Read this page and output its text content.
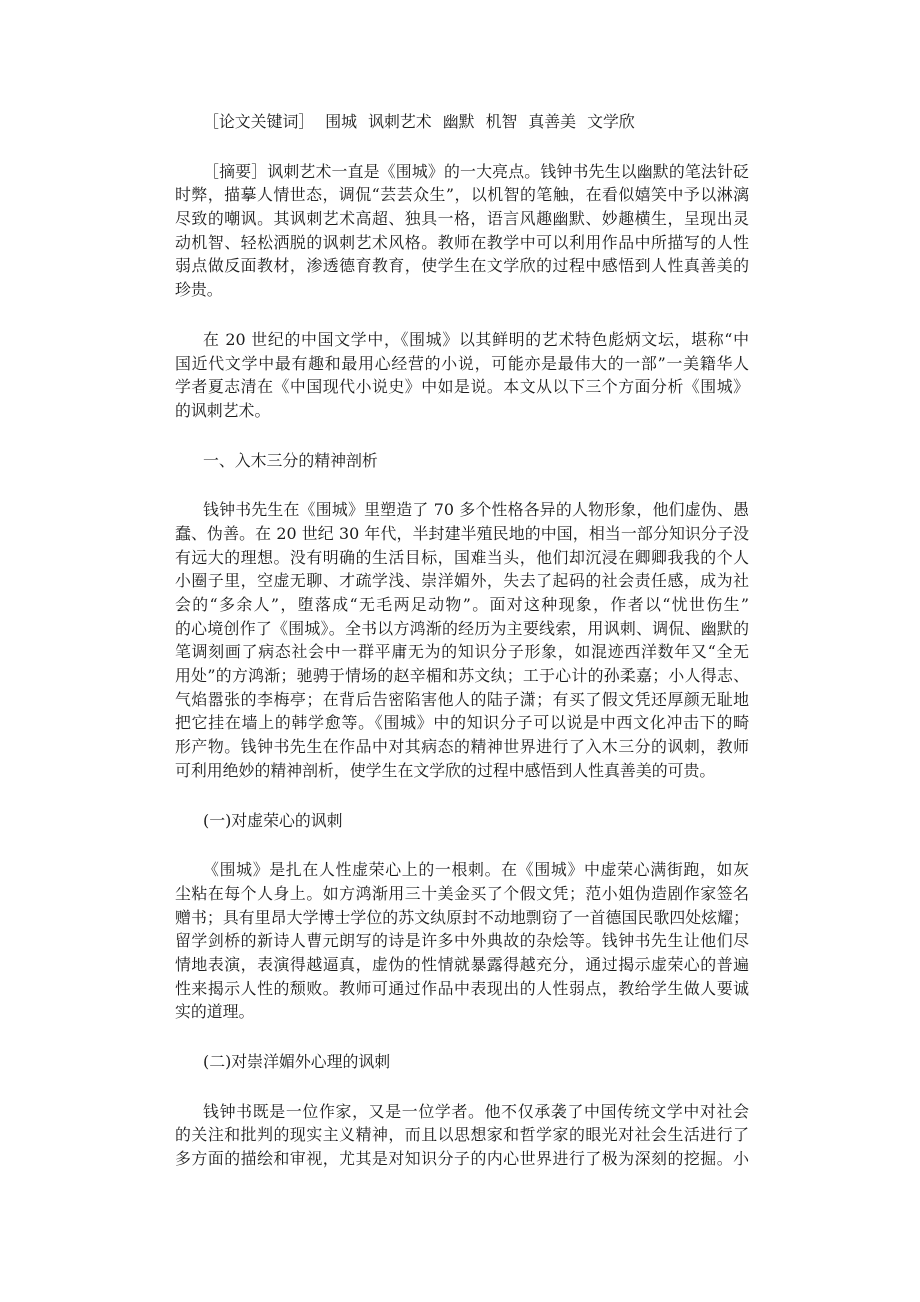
［论文关键词］ 围城 讽刺艺术 幽默 机智 真善美 文学欣
［摘要］讽刺艺术一直是《围城》的一大亮点。钱钟书先生以幽默的笔法针砭
时弊，描摹人情世态，调侃“芸芸众生”，以机智的笔触，在看似嬉笑中予以淋漓
尽致的嘲讽。其讽刺艺术高超、独具一格，语言风趣幽默、妙趣横生，呈现出灵
动机智、轻松洒脱的讽刺艺术风格。教师在教学中可以利用作品中所描写的人性
弱点做反面教材，渗透德育教育，使学生在文学欣的过程中感悟到人性真善美的
珍贵。
在 20 世纪的中国文学中，《围城》以其鲜明的艺术特色彪炳文坛，堪称“中
国近代文学中最有趣和最用心经营的小说，可能亦是最伟大的一部”一美籍华人
学者夏志清在《中国现代小说史》中如是说。本文从以下三个方面分析《围城》
的讽刺艺术。
一、入木三分的精神剖析
钱钟书先生在《围城》里塑造了 70 多个性格各异的人物形象，他们虚伪、愚
蠢、伪善。在 20 世纪 30 年代，半封建半殖民地的中国，相当一部分知识分子没
有远大的理想。没有明确的生活目标，国难当头，他们却沉浸在卿卿我我的个人
小圈子里，空虚无聊、才疏学浅、崇洋媚外，失去了起码的社会责任感，成为社
会的“多余人”，堕落成“无毛两足动物”。面对这种现象，作者以“忧世伤生”
的心境创作了《围城》。全书以方鸿渐的经历为主要线索，用讽刺、调侃、幽默的
笔调刻画了病态社会中一群平庸无为的知识分子形象，如混迹西洋数年又“全无
用处”的方鸿渐；驰骋于情场的赵辛楣和苏文纨；工于心计的孙柔嘉；小人得志、
气焰嚣张的李梅亭；在背后告密陷害他人的陆子潇；有买了假文凭还厚颜无耻地
把它挂在墙上的韩学愈等。《围城》中的知识分子可以说是中西文化冲击下的畸
形产物。钱钟书先生在作品中对其病态的精神世界进行了入木三分的讽刺，教师
可利用绝妙的精神剖析，使学生在文学欣的过程中感悟到人性真善美的可贵。
(一)对虚荣心的讽刺
《围城》是扎在人性虚荣心上的一根刺。在《围城》中虚荣心满街跑，如灰
尘粘在每个人身上。如方鸿渐用三十美金买了个假文凭；范小姐伪造剧作家签名
赠书；具有里昂大学博士学位的苏文纨原封不动地剽窃了一首德国民歌四处炫耀；
留学剑桥的新诗人曹元朗写的诗是许多中外典故的杂烩等。钱钟书先生让他们尽
情地表演，表演得越逼真，虚伪的性情就暴露得越充分，通过揭示虚荣心的普遍
性来揭示人性的颓败。教师可通过作品中表现出的人性弱点，教给学生做人要诚
实的道理。
(二)对崇洋媚外心理的讽刺
钱钟书既是一位作家，又是一位学者。他不仅承袭了中国传统文学中对社会
的关注和批判的现实主义精神，而且以思想家和哲学家的眼光对社会生活进行了
多方面的描绘和审视，尤其是对知识分子的内心世界进行了极为深刻的挖掘。小
